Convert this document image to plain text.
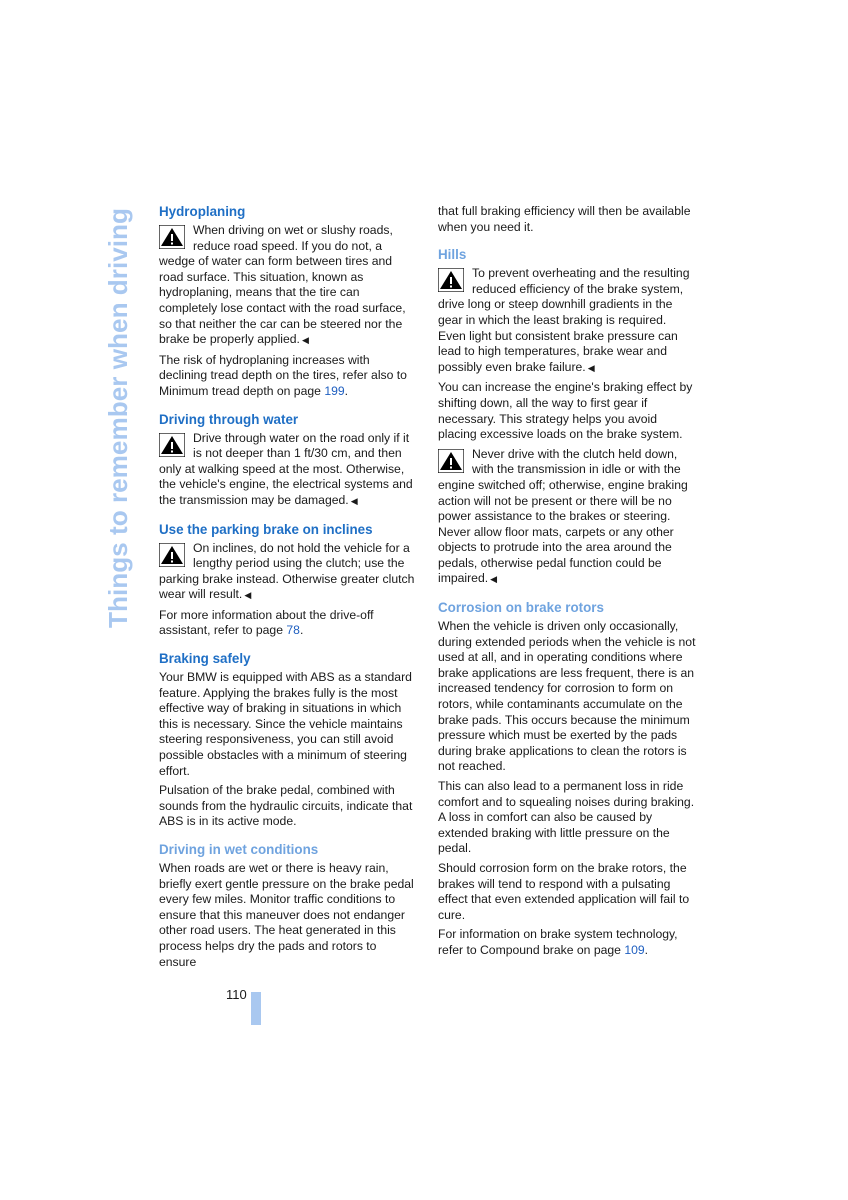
Things to remember when driving Hydroplaning

When driving on wet or slushy roads, reduce road speed. If you do not, a wedge of water can form between tires and road surface. This situation, known as hydroplaning, means that the tire can completely lose contact with the road surface, so that neither the car can be steered nor the brake be properly applied. ◀

The risk of hydroplaning increases with declining tread depth on the tires, refer also to Minimum tread depth on page 199.

Driving through water

Drive through water on the road only if it is not deeper than 1 ft/30 cm, and then only at walking speed at the most. Otherwise, the vehicle's engine, the electrical systems and the transmission may be damaged. ◀

Use the parking brake on inclines

On inclines, do not hold the vehicle for a lengthy period using the clutch; use the parking brake instead. Otherwise greater clutch wear will result. ◀

For more information about the drive-off assistant, refer to page 78.

Braking safely

Your BMW is equipped with ABS as a standard feature. Applying the brakes fully is the most effective way of braking in situations in which this is necessary. Since the vehicle maintains steering responsiveness, you can still avoid possible obstacles with a minimum of steering effort.

Pulsation of the brake pedal, combined with sounds from the hydraulic circuits, indicate that ABS is in its active mode.

Driving in wet conditions

When roads are wet or there is heavy rain, briefly exert gentle pressure on the brake pedal every few miles. Monitor traffic conditions to ensure that this maneuver does not endanger other road users. The heat generated in this process helps dry the pads and rotors to ensure

that full braking efficiency will then be available when you need it.

Hills

To prevent overheating and the resulting reduced efficiency of the brake system, drive long or steep downhill gradients in the gear in which the least braking is required. Even light but consistent brake pressure can lead to high temperatures, brake wear and possibly even brake failure. ◀

You can increase the engine's braking effect by shifting down, all the way to first gear if necessary. This strategy helps you avoid placing excessive loads on the brake system.

Never drive with the clutch held down, with the transmission in idle or with the engine switched off; otherwise, engine braking action will not be present or there will be no power assistance to the brakes or steering. Never allow floor mats, carpets or any other objects to protrude into the area around the pedals, otherwise pedal function could be impaired. ◀

Corrosion on brake rotors

When the vehicle is driven only occasionally, during extended periods when the vehicle is not used at all, and in operating conditions where brake applications are less frequent, there is an increased tendency for corrosion to form on rotors, while contaminants accumulate on the brake pads. This occurs because the minimum pressure which must be exerted by the pads during brake applications to clean the rotors is not reached.

This can also lead to a permanent loss in ride comfort and to squealing noises during braking. A loss in comfort can also be caused by extended braking with little pressure on the pedal.

Should corrosion form on the brake rotors, the brakes will tend to respond with a pulsating effect that even extended application will fail to cure.

For information on brake system technology, refer to Compound brake on page 109.

110
